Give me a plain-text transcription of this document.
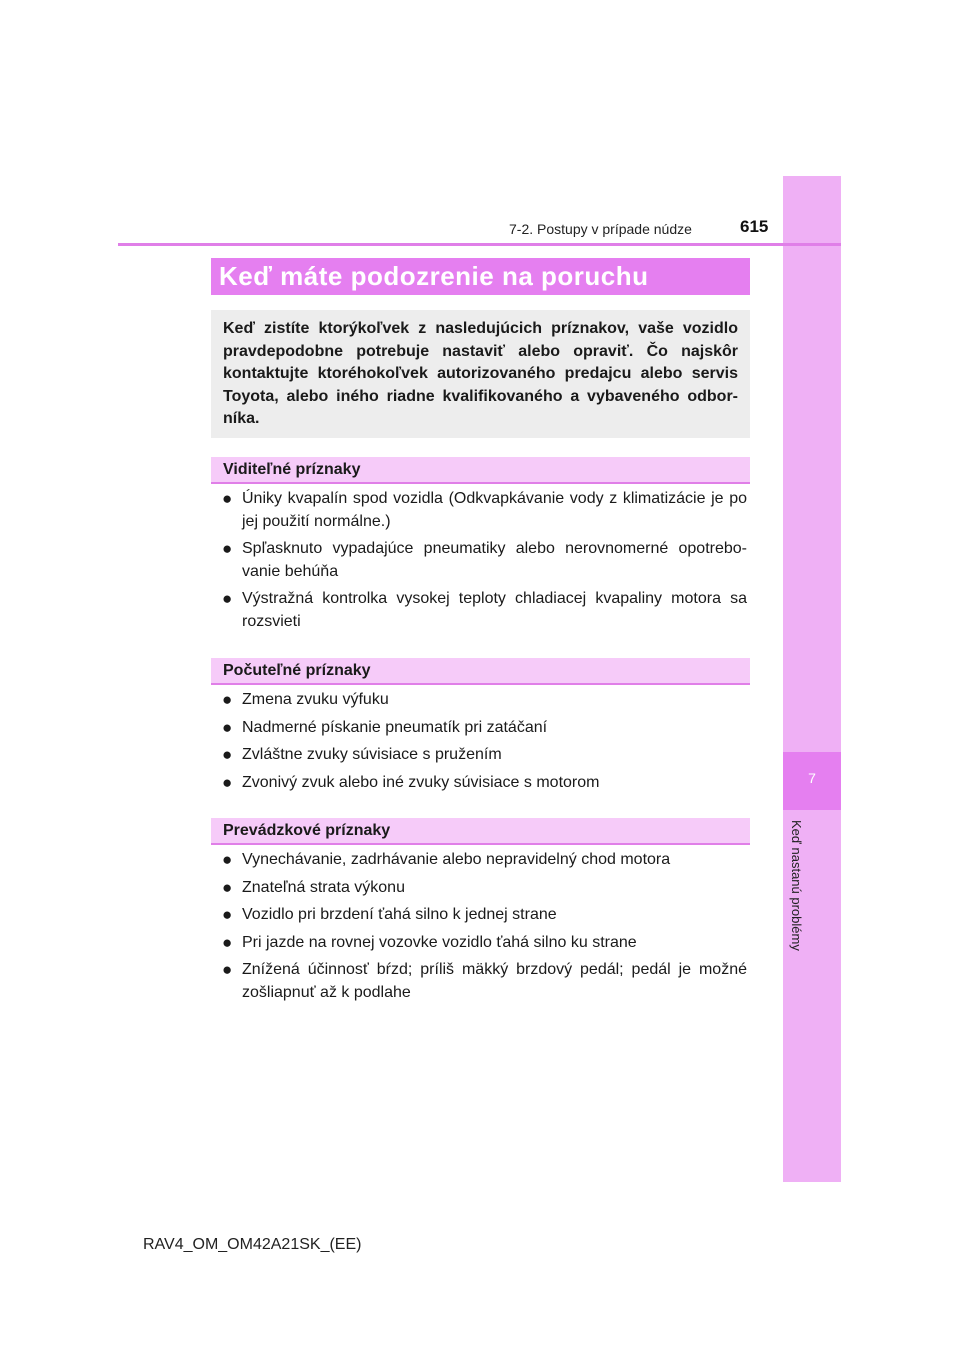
7
Keď nastanú problémy
7-2. Postupy v prípade núdze	615
Keď máte podozrenie na poruchu
Keď zistíte ktorýkoľvek z nasledujúcich príznakov, vaše vozidlo pravdepodobne potrebuje nastaviť alebo opraviť. Čo najskôr kontaktujte ktoréhokoľvek autorizovaného predajcu alebo servis Toyota, alebo iného riadne kvalifikovaného a vybaveného odbor-níka.
Viditeľné príznaky
● Úniky kvapalín spod vozidla (Odkvapkávanie vody z klimatizácie je po jej použití normálne.)
● Spľasknuto vypadajúce pneumatiky alebo nerovnomerné opotrebo-vanie behúňa
● Výstražná kontrolka vysokej teploty chladiacej kvapaliny motora sa rozsvieti
Počuteľné príznaky
● Zmena zvuku výfuku
● Nadmerné pískanie pneumatík pri zatáčaní
● Zvláštne zvuky súvisiace s pružením
● Zvonivý zvuk alebo iné zvuky súvisiace s motorom
Prevádzkové príznaky
● Vynechávanie, zadrhávanie alebo nepravidelný chod motora
● Znateľná strata výkonu
● Vozidlo pri brzdení ťahá silno k jednej strane
● Pri jazde na rovnej vozovke vozidlo ťahá silno ku strane
● Znížená účinnosť bŕzd; príliš mäkký brzdový pedál; pedál je možné zošliapnuť až k podlahe
RAV4_OM_OM42A21SK_(EE)
